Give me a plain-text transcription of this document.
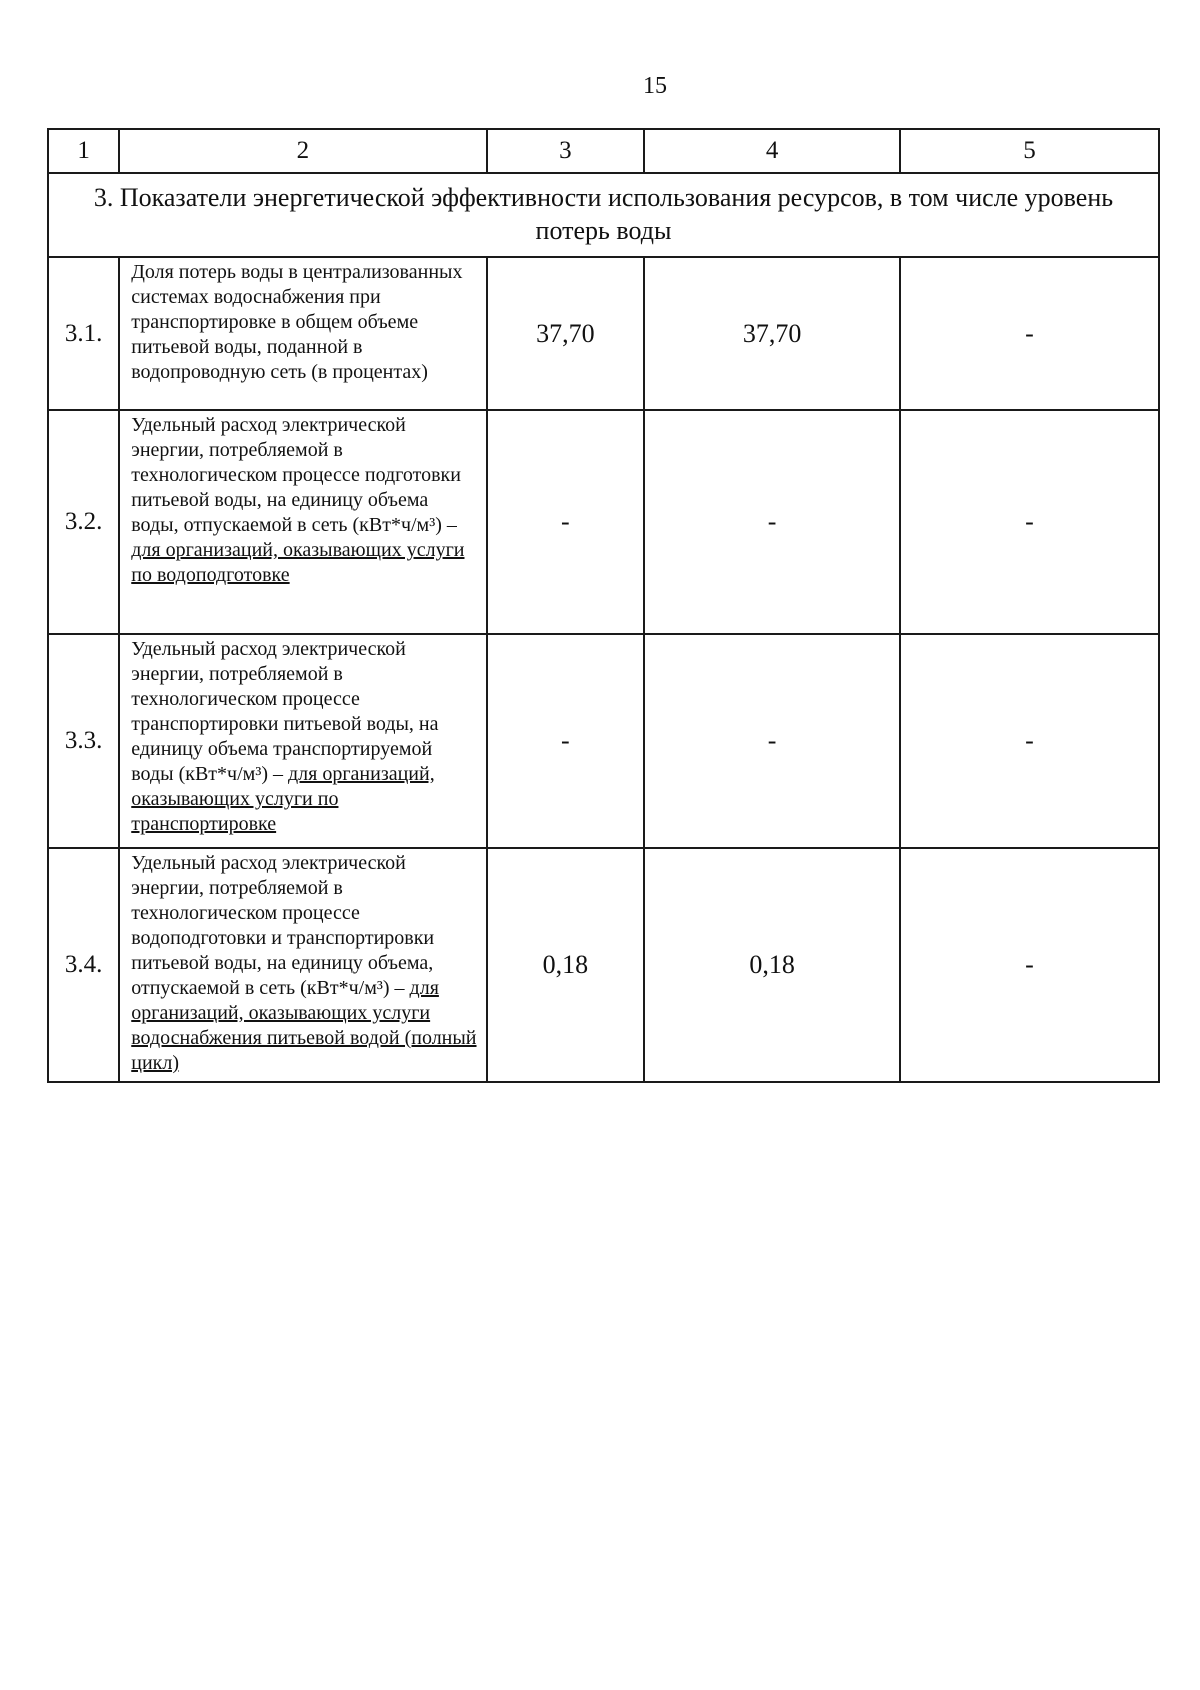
15
1	2	3	4	5
3. Показатели энергетической эффективности использования ресурсов, в том числе уровень потерь воды				
3.1.	Доля потерь воды в централизованных системах водоснабжения при транспортировке в общем объеме питьевой воды, поданной в водопроводную сеть (в процентах)	37,70	37,70	-
3.2.	Удельный расход электрической энергии, потребляемой в технологическом процессе подготовки питьевой воды, на единицу объема воды, отпускаемой в сеть (кВт*ч/м³) – для организаций, оказывающих услуги по водоподготовке	-	-	-
3.3.	Удельный расход электрической энергии, потребляемой в технологическом процессе транспортировки питьевой воды, на единицу объема транспортируемой воды (кВт*ч/м³) – для организаций, оказывающих услуги по транспортировке	-	-	-
3.4.	Удельный расход электрической энергии, потребляемой в технологическом процессе водоподготовки и транспортировки питьевой воды, на единицу объема, отпускаемой в сеть (кВт*ч/м³) – для организаций, оказывающих услуги водоснабжения питьевой водой (полный цикл)	0,18	0,18	-
